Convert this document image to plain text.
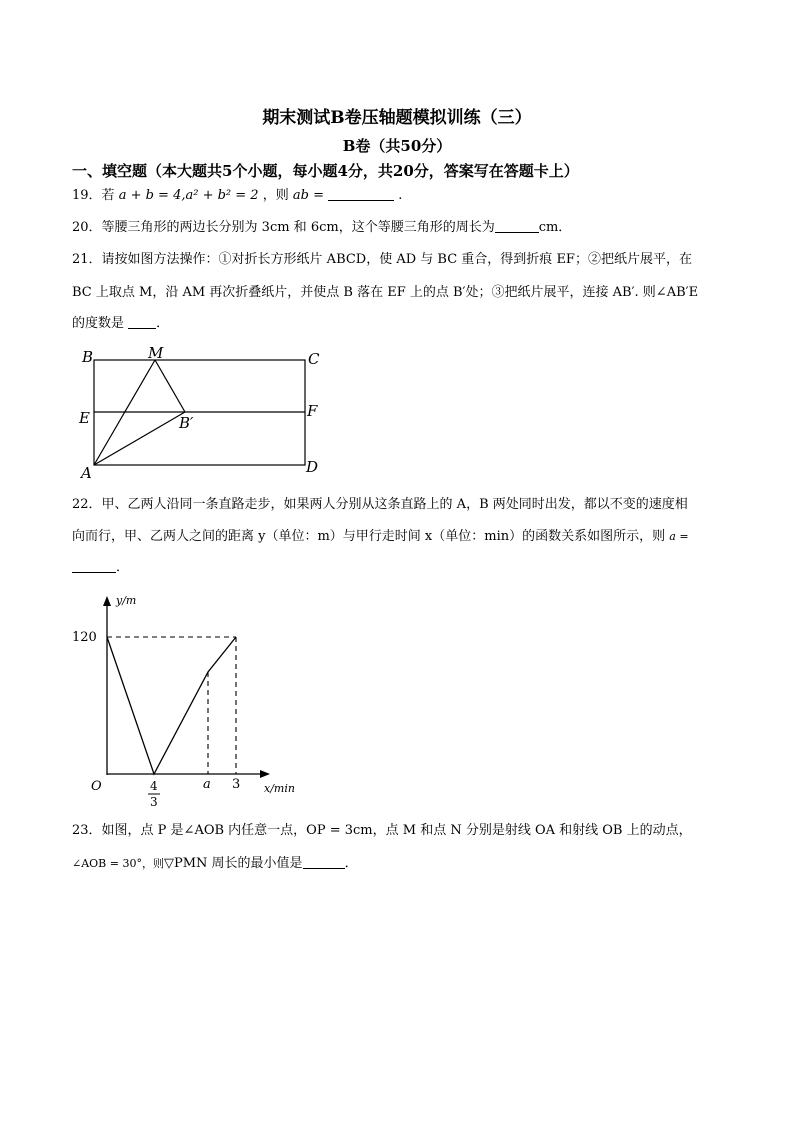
期末测试B卷压轴题模拟训练（三）
B卷（共50分）
一、填空题（本大题共5个小题，每小题4分，共20分，答案写在答题卡上）
19．若 a + b = 4,a² + b² = 2 ，则 ab =	.
20．等腰三角形的两边长分别为 3cm 和 6cm，这个等腰三角形的周长为	cm．
21．请按如图方法操作：①对折长方形纸片 ABCD，使 AD 与 BC 重合，得到折痕 EF；②把纸片展平，在
BC 上取点 M，沿 AM 再次折叠纸片，并使点 B 落在 EF 上的点 B′处；③把纸片展平，连接 AB′. 则∠AB′E
的度数是 ．
B	M	C
E	F
B′
A	D
22．甲、乙两人沿同一条直路走步，如果两人分别从这条直路上的 A，B 两处同时出发，都以不变的速度相
向而行，甲、乙两人之间的距离 y（单位：m）与甲行走时间 x（单位：min）的函数关系如图所示，则 a =
．
y/m
x/min
120
O	4
3
a 3
23．如图，点 P 是∠AOB 内任意一点，OP = 3cm，点 M 和点 N 分别是射线 OA 和射线 OB 上的动点，
∠AOB = 30°，则▽PMN 周长的最小值是	．
